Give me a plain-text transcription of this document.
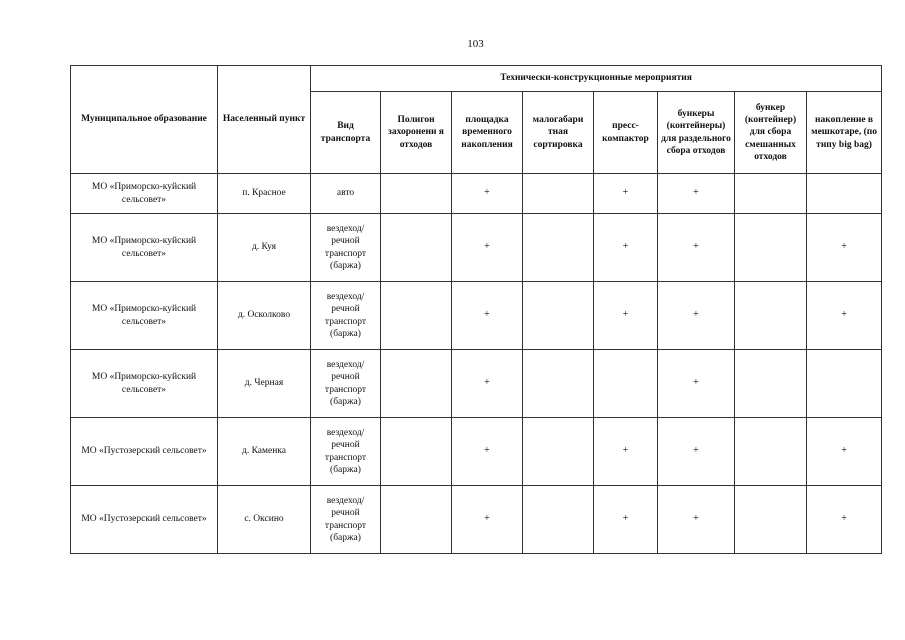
103
Муниципальное образование	Населенный пункт	Технически-конструкционные мероприятия							
		Вид транспорта	Полигон захоронени я отходов	площадка временного накопления	малогабари тная сортировка	пресс-компактор	бункеры (контейнеры) для раздельного сбора отходов	бункер (контейнер) для сбора смешанных отходов	накопление в мешкотаре, (по типу big bag)
МО «Приморско-куйский сельсовет»	п. Красное	авто		+		+	+		
МО «Приморско-куйский сельсовет»	д. Куя	вездеход/ речной транспорт (баржа)		+		+	+		+
МО «Приморско-куйский сельсовет»	д. Осколково	вездеход/ речной транспорт (баржа)		+		+	+		+
МО «Приморско-куйский сельсовет»	д. Черная	вездеход/ речной транспорт (баржа)		+			+		
МО «Пустозерский сельсовет»	д. Каменка	вездеход/ речной транспорт (баржа)		+		+	+		+
МО «Пустозерский сельсовет»	с. Оксино	вездеход/ речной транспорт (баржа)		+		+	+		+
